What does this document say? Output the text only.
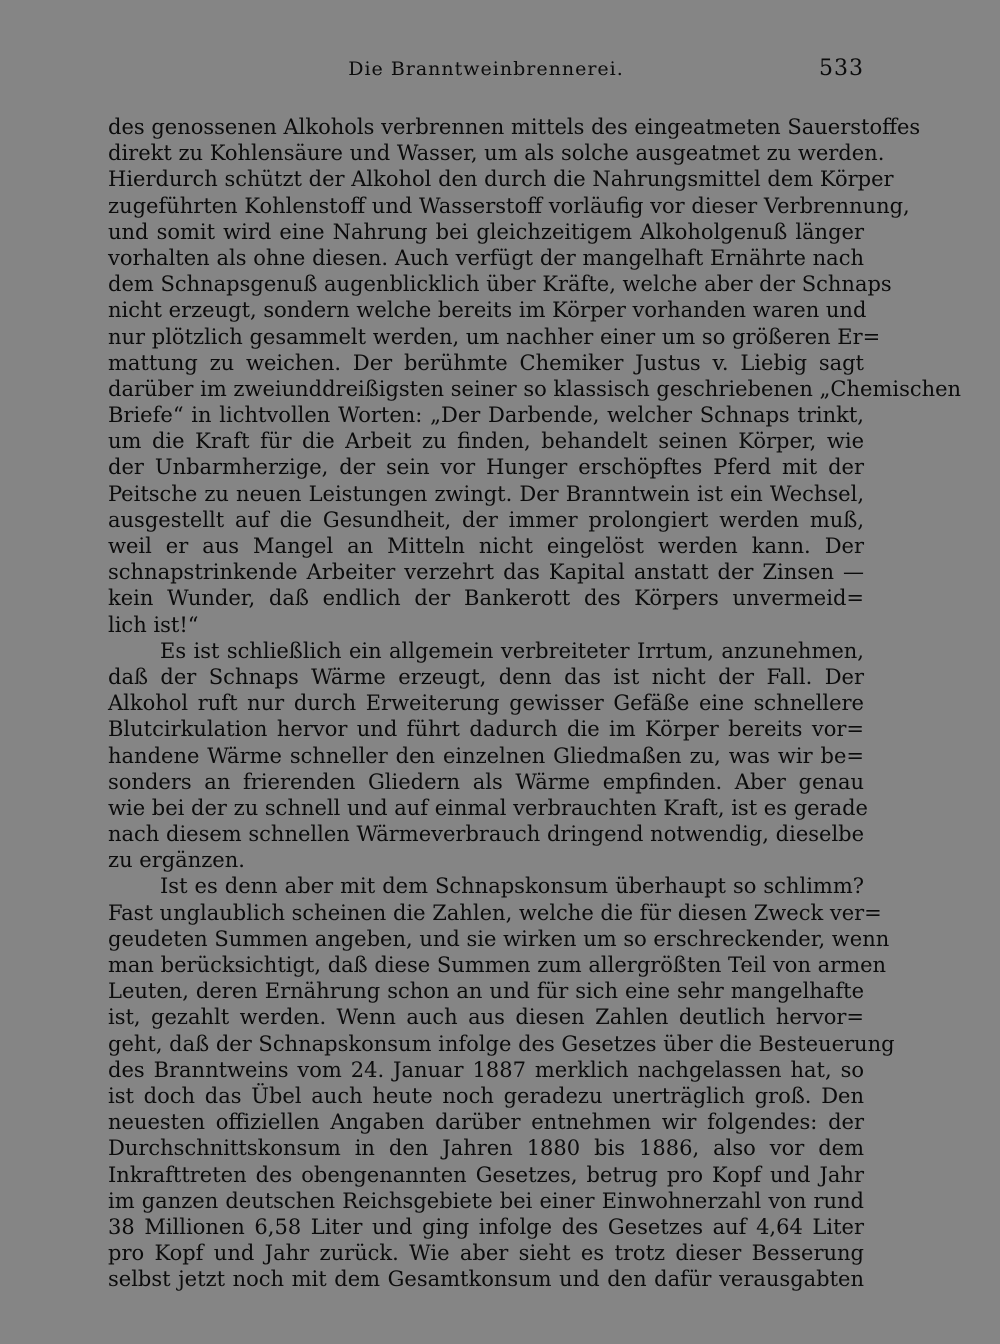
Die Branntweinbrennerei.	533
des genossenen Alkohols verbrennen mittels des eingeatmeten Sauerstoffes
direkt zu Kohlensäure und Wasser, um als solche ausgeatmet zu werden.
Hierdurch schützt der Alkohol den durch die Nahrungsmittel dem Körper
zugeführten Kohlenstoff und Wasserstoff vorläufig vor dieser Verbrennung,
und somit wird eine Nahrung bei gleichzeitigem Alkoholgenuß länger
vorhalten als ohne diesen. Auch verfügt der mangelhaft Ernährte nach
dem Schnapsgenuß augenblicklich über Kräfte, welche aber der Schnaps
nicht erzeugt, sondern welche bereits im Körper vorhanden waren und
nur plötzlich gesammelt werden, um nachher einer um so größeren Er=
mattung zu weichen. Der berühmte Chemiker Justus v. Liebig sagt
darüber im zweiunddreißigsten seiner so klassisch geschriebenen „Chemischen
Briefe“ in lichtvollen Worten: „Der Darbende, welcher Schnaps trinkt,
um die Kraft für die Arbeit zu finden, behandelt seinen Körper, wie
der Unbarmherzige, der sein vor Hunger erschöpftes Pferd mit der
Peitsche zu neuen Leistungen zwingt. Der Branntwein ist ein Wechsel,
ausgestellt auf die Gesundheit, der immer prolongiert werden muß,
weil er aus Mangel an Mitteln nicht eingelöst werden kann. Der
schnapstrinkende Arbeiter verzehrt das Kapital anstatt der Zinsen —
kein Wunder, daß endlich der Bankerott des Körpers unvermeid=
lich ist!“
Es ist schließlich ein allgemein verbreiteter Irrtum, anzunehmen,
daß der Schnaps Wärme erzeugt, denn das ist nicht der Fall. Der
Alkohol ruft nur durch Erweiterung gewisser Gefäße eine schnellere
Blutcirkulation hervor und führt dadurch die im Körper bereits vor=
handene Wärme schneller den einzelnen Gliedmaßen zu, was wir be=
sonders an frierenden Gliedern als Wärme empfinden. Aber genau
wie bei der zu schnell und auf einmal verbrauchten Kraft, ist es gerade
nach diesem schnellen Wärmeverbrauch dringend notwendig, dieselbe
zu ergänzen.
Ist es denn aber mit dem Schnapskonsum überhaupt so schlimm?
Fast unglaublich scheinen die Zahlen, welche die für diesen Zweck ver=
geudeten Summen angeben, und sie wirken um so erschreckender, wenn
man berücksichtigt, daß diese Summen zum allergrößten Teil von armen
Leuten, deren Ernährung schon an und für sich eine sehr mangelhafte
ist, gezahlt werden. Wenn auch aus diesen Zahlen deutlich hervor=
geht, daß der Schnapskonsum infolge des Gesetzes über die Besteuerung
des Branntweins vom 24. Januar 1887 merklich nachgelassen hat, so
ist doch das Übel auch heute noch geradezu unerträglich groß. Den
neuesten offiziellen Angaben darüber entnehmen wir folgendes: der
Durchschnittskonsum in den Jahren 1880 bis 1886, also vor dem
Inkrafttreten des obengenannten Gesetzes, betrug pro Kopf und Jahr
im ganzen deutschen Reichsgebiete bei einer Einwohnerzahl von rund
38 Millionen 6,58 Liter und ging infolge des Gesetzes auf 4,64 Liter
pro Kopf und Jahr zurück. Wie aber sieht es trotz dieser Besserung
selbst jetzt noch mit dem Gesamtkonsum und den dafür verausgabten
